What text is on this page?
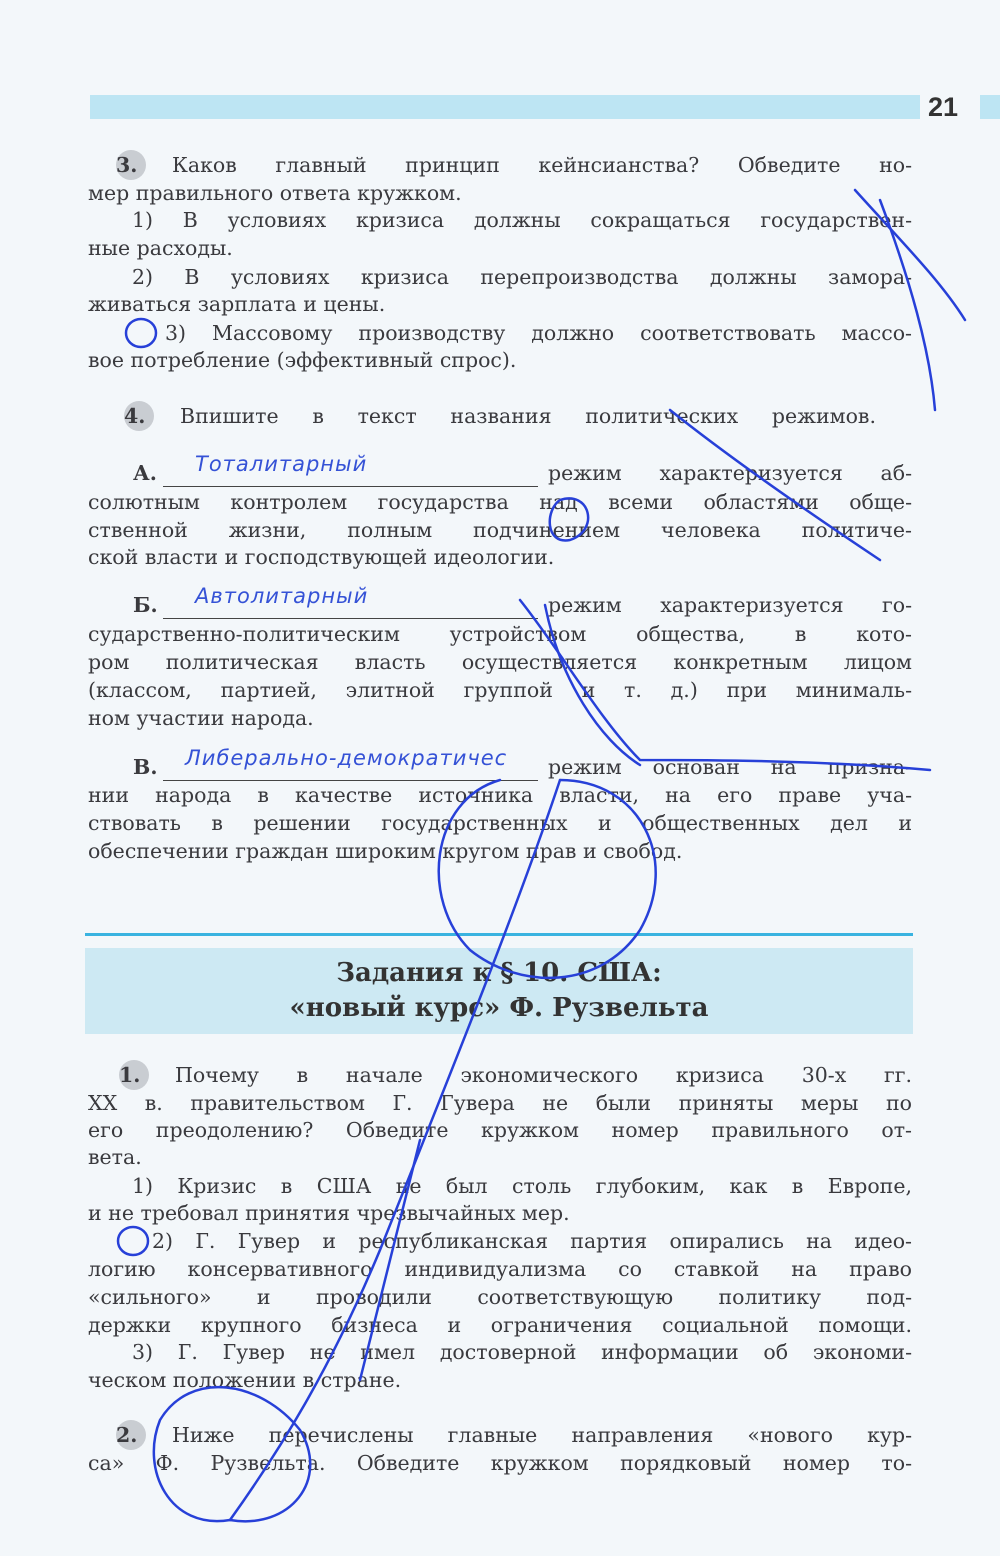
21
3.	Каков главный принцип кейнсианства? Обведите но-
мер правильного ответа кружком.
1) В условиях кризиса должны сокращаться государствен-
ные расходы.
2) В условиях кризиса перепроизводства должны замора-
живаться зарплата и цены.
3) Массовому производству должно соответствовать массо-
вое потребление (эффективный спрос).
4.	Впишите в текст названия политических режимов.
режим характеризуется аб-
солютным контролем государства над всеми областями обще-
ственной жизни, полным подчинением человека политиче-
ской власти и господствующей идеологии.
режим характеризуется го-
сударственно-политическим устройством общества, в кото-
ром политическая власть осуществляется конкретным лицом
(классом, партией, элитной группой и т. д.) при минималь-
ном участии народа.
режим основан на призна-
нии народа в качестве источника власти, на его праве уча-
ствовать в решении государственных и общественных дел и
обеспечении граждан широким кругом прав и свобод.
1.	Почему в начале экономического кризиса 30-х гг.
XX в. правительством Г. Гувера не были приняты меры по
его преодолению? Обведите кружком номер правильного от-
вета.
1) Кризис в США не был столь глубоким, как в Европе,
и не требовал принятия чрезвычайных мер.
2) Г. Гувер и республиканская партия опирались на идео-
логию консервативного индивидуализма со ставкой на право
«сильного» и проводили соответствующую политику под-
держки крупного бизнеса и ограничения социальной помощи.
3) Г. Гувер не имел достоверной информации об экономи-
ческом положении в стране.
2.	Ниже перечислены главные направления «нового кур-
са» Ф. Рузвельта. Обведите кружком порядковый номер то-
А. Тоталитарный
Б. Автолитарный
В. Либерально-демократичес
Задания к § 10. США:
«новый курс» Ф. Рузвельта
